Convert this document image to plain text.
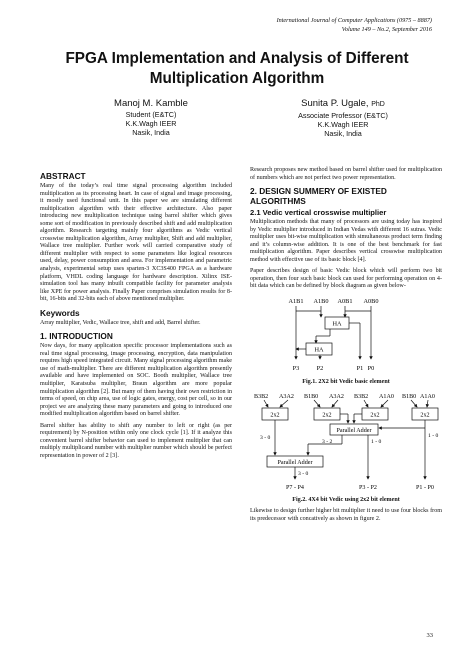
International Journal of Computer Applications (0975 – 8887)
Volume 149 – No.2, September 2016
FPGA Implementation and Analysis of Different Multiplication Algorithm
Manoj M. Kamble
Student (E&TC)
K.K.Wagh IEER
Nasik, India
Sunita P. Ugale, PhD
Associate Professor (E&TC)
K.K.Wagh IEER
Nasik, India
ABSTRACT

Many of the today’s real time signal processing algorithm included multiplication as its processing heart. In case of signal and image processing, it mostly used functional unit. In this paper we are simulating different multiplication algorithm with their effective architecture. Also paper introducing new multiplication technique using barrel shifter which gives some sort of modification in previously described shift and add multiplication algorithm. Research targeting mainly four algorithms as Vedic vertical crosswise multiplication algorithm, Array multiplier, Shift and add multiplier, Wallace tree multiplier. Further work will carried comparative study of different multiplier with respect to some parameters like logical resources used, delay, power consumption and area. For implementation and parametric analysis, experimental setup uses sparten-3 XC3S400 FPGA as a hardware platform, VHDL coding language for hardware description. Xilinx ISE-simulation tool has many inbuilt compatible facility for parameter analysis like XPE for power analysis. Finally Paper comprises simulation results for 8-bit, 16-bits and 32-bits each of above mentioned multiplier.

Keywords

Array multiplier, Vedic, Wallace tree, shift and add, Barrel shifter.

1. INTRODUCTION

Now days, for many application specific processor implementations such as real time signal processing, image processing, encryption, data manipulation requires high speed integrated circuit. Many signal processing algorithm make use of math-multiplier. There are different multiplication algorithm presently available and have implemented on SOC. Booth multiplier, Wallace tree multiplier, Karatsuba multiplier, Braun algorithm are more popular multiplication algorithm [2]. But many of them having their own restriction in terms of speed, on chip area, use of logic gates, energy, cost per cell, so in our project we are analyzing these many parameters and going to introduced one modified multiplication algorithm based on barrel shifter.

Barrel shifter has ability to shift any number to left or right (as per requirement) by N-position within only one clock cycle [1]. If it analyze this convenient barrel shifter behavior can used to implement multiplier that can multiply multiplicand number with multiplier number which should be perfect representation in power of 2 [3].

Research proposes new method based on barrel shifter used for multiplication of numbers which are not perfect two power representation.

2. DESIGN SUMMERY OF EXISTED ALGORITHMS
2.1 Vedic vertical crosswise multiplier

Multiplication methods that many of processors are using today has inspired by Vedic multiplier introduced in Indian Vedas with different 16 sutras. Vedic multiplier uses bit-wise multiplication with simultaneous product term finding and it’s column-wise addition. It is one of the best benchmark for fast multiplication algorithm. Paper describes vertical crosswise multiplication method with effective use of its basic block [4].

Paper describes design of basic Vedic block which will perform two bit operation, then four such basic block can used for performing operation on 4-bit data which can be defined by block diagram as given below-

A1B1 A1B0 A0B1 A0B0
HA
HA
P3	P2	P1 P0
Fig.1. 2X2 bit Vedic basic element
B3B2 A3A2 B1B0 A3A2 B3B2 A1A0 B1B0 A1A0
2x2	2x2	2x2	2x2
Parallel Adder
Parallel Adder
3 - 0
3 - 2	1 - 0
1 - 0
3 - 0
P7 - P4	P3 - P2	P1 - P0
Fig.2. 4X4 bit Vedic using 2x2 bit element

Likewise to design further higher bit multiplier it need to use four blocks from its predecessor with concatively as shown in figure 2.

33
